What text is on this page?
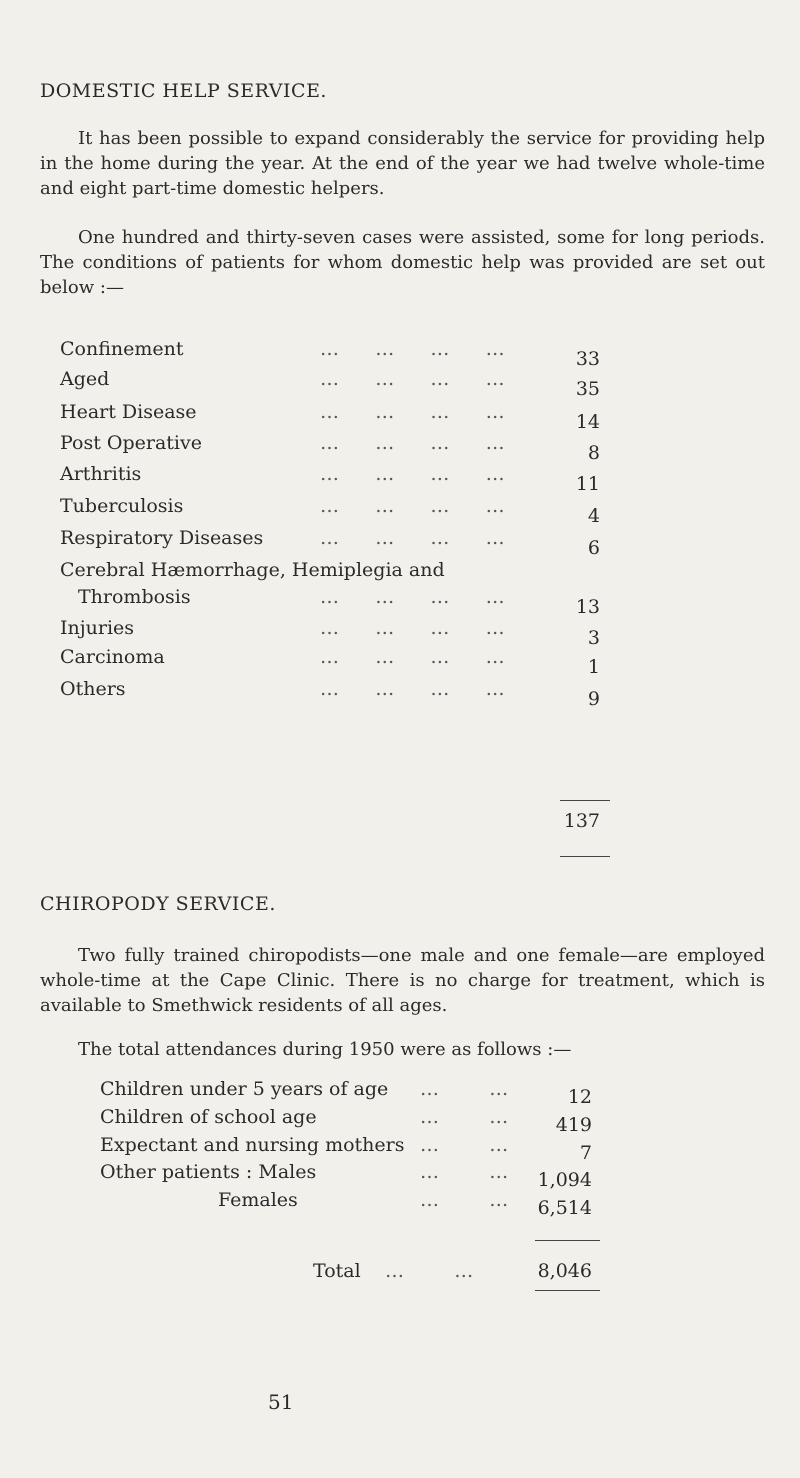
DOMESTIC HELP SERVICE.
It has been possible to expand considerably the service for providing help in the home during the year. At the end of the year we had twelve whole-time and eight part-time domestic helpers.
One hundred and thirty-seven cases were assisted, some for long periods. The conditions of patients for whom domestic help was provided are set out below :—
Confinement	…     …     …     …	33
Aged	…     …     …     …	35
Heart Disease	…     …     …     …	14
Post Operative	…     …     …     …	8
Arthritis	…     …     …     …	11
Tuberculosis	…     …     …     …	4
Respiratory Diseases	…     …     …     …	6
Cerebral Hæmorrhage, Hemiplegia and
Thrombosis	…     …     …     …	13
Injuries	…     …     …     …	3
Carcinoma	…     …     …     …	1
Others	…     …     …     …	9
137
CHIROPODY SERVICE.
Two fully trained chiropodists—one male and one female—are employed whole-time at the Cape Clinic. There is no charge for treatment, which is available to Smethwick residents of all ages.
The total attendances during 1950 were as follows :—
Children under 5 years of age …       …	12
Children of school age	…       …	419
Expectant and nursing mothers …       …	7
Other patients : Males	…       …	1,094
Females	…       …	6,514
Total …       …	8,046
51
